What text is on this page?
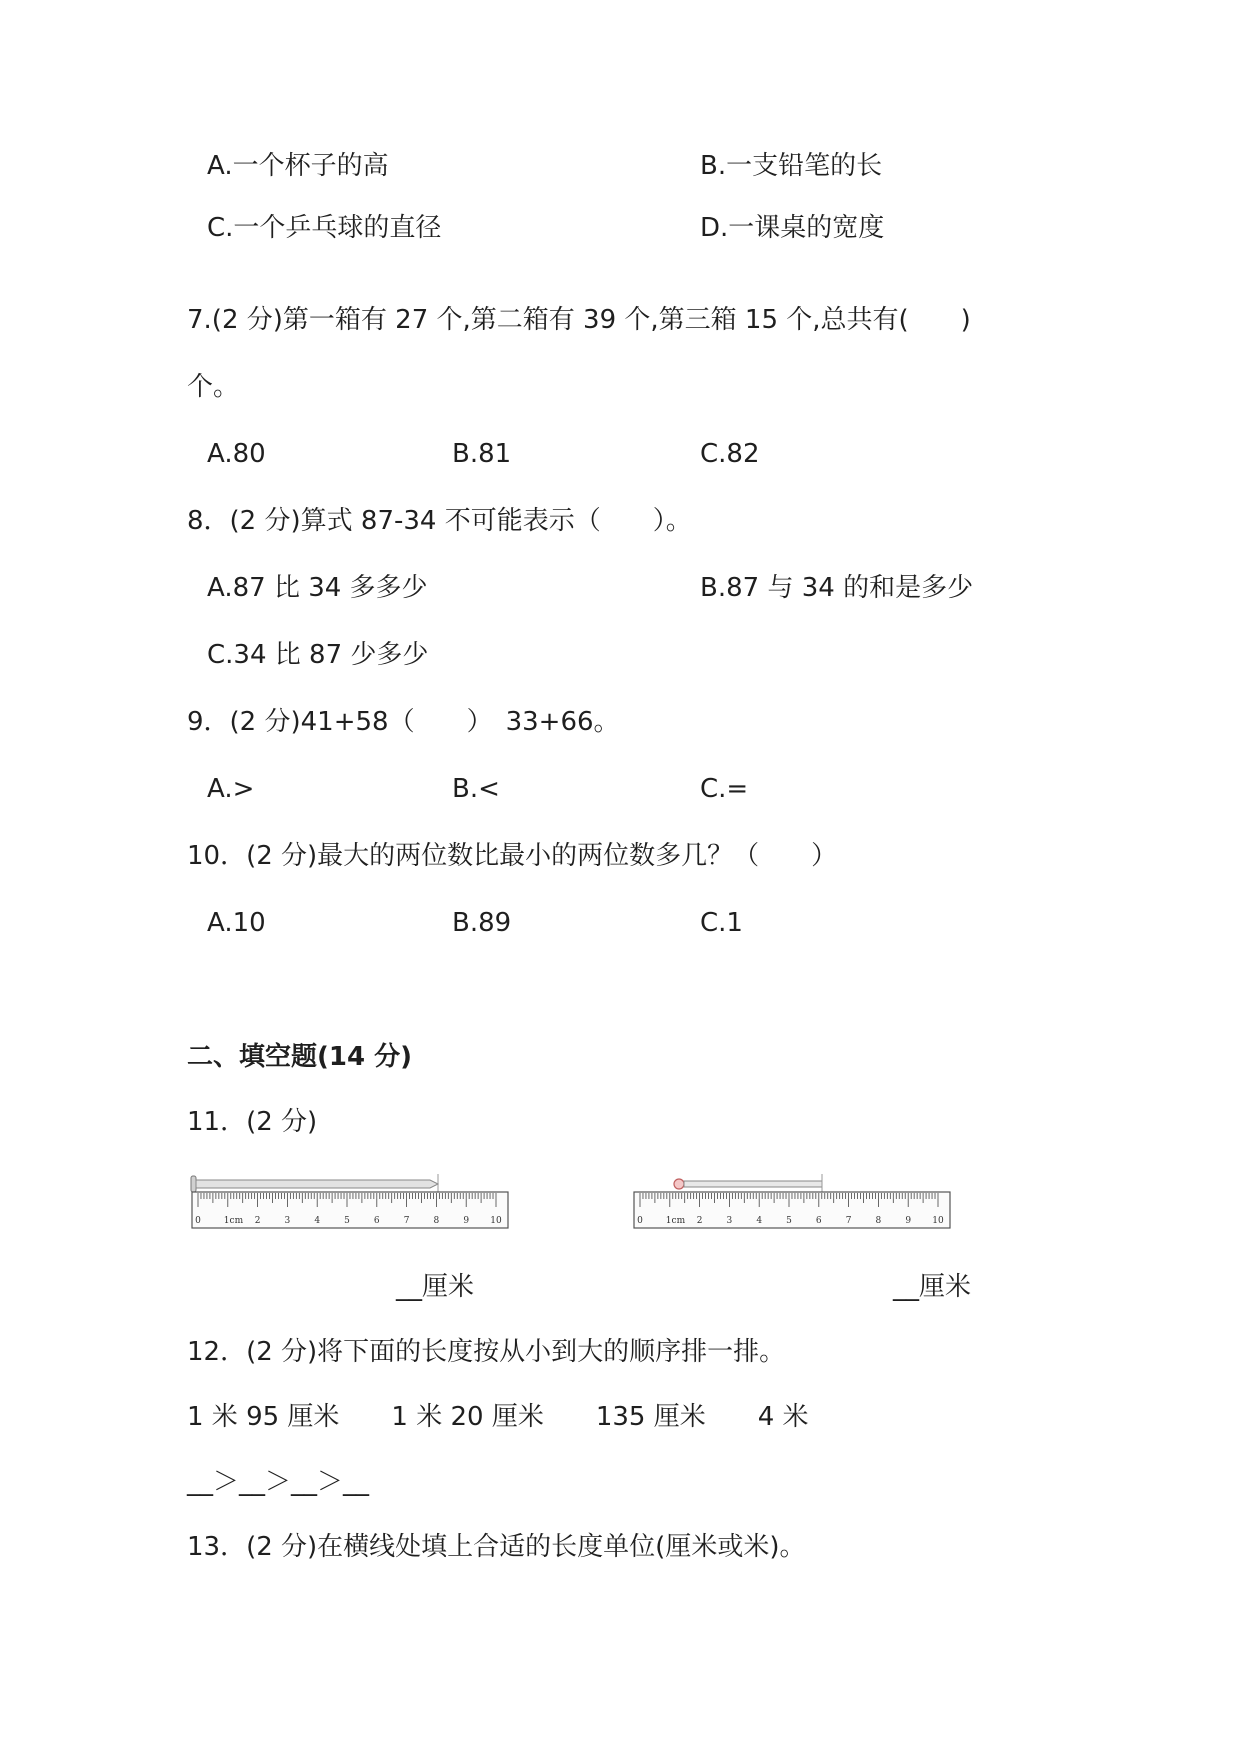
A.一个杯子的高	B.一支铅笔的长
C.一个乒乓球的直径	D.一课桌的宽度
7.(2 分)第一箱有 27 个,第二箱有 39 个,第三箱 15 个,总共有(　　)
个。
A.80	B.81	C.82
8．(2 分)算式 87-34 不可能表示（　　）。
A.87 比 34 多多少	B.87 与 34 的和是多少
C.34 比 87 少多少
9．(2 分)41+58（　　）　33+66。
A.>	B.<	C.=
10．(2 分)最大的两位数比最小的两位数多几？（　　）
A.10	B.89	C.1
二、填空题(14 分)
11．(2 分)
0	1cm 2	3	4	5	6	7	8	9 10	0	1cm 2	3	4	5	6	7	8	9 10
__厘米	__厘米
12．(2 分)将下面的长度按从小到大的顺序排一排。
1 米 95 厘米　　1 米 20 厘米　　135 厘米　　4 米
__＞__＞__＞__
13．(2 分)在横线处填上合适的长度单位(厘米或米)。
